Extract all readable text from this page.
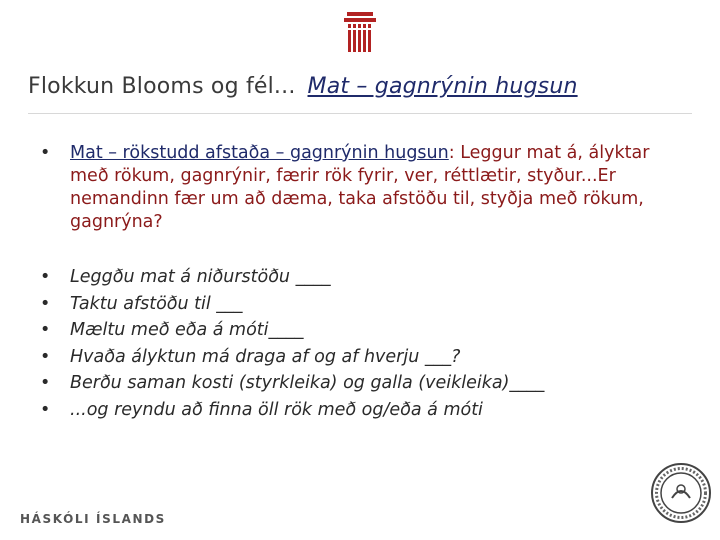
Flokkun Blooms og fél... Mat – gagnrýnin hugsun
• Mat – rökstudd afstaða – gagnrýnin hugsun: Leggur mat á, ályktar með rökum, gagnrýnir, færir rök fyrir, ver, réttlætir, styður...Er nemandinn fær um að dæma, taka afstöðu til, styðja með rökum, gagnrýna?
• Leggðu mat á niðurstöðu ____
• Taktu afstöðu til ___
• Mæltu með eða á móti____
• Hvaða ályktun má draga af og af hverju ___?
• Berðu saman kosti (styrkleika) og galla (veikleika)____
• ...og reyndu að finna öll rök með og/eða á móti
HÁSKÓLI ÍSLANDS
